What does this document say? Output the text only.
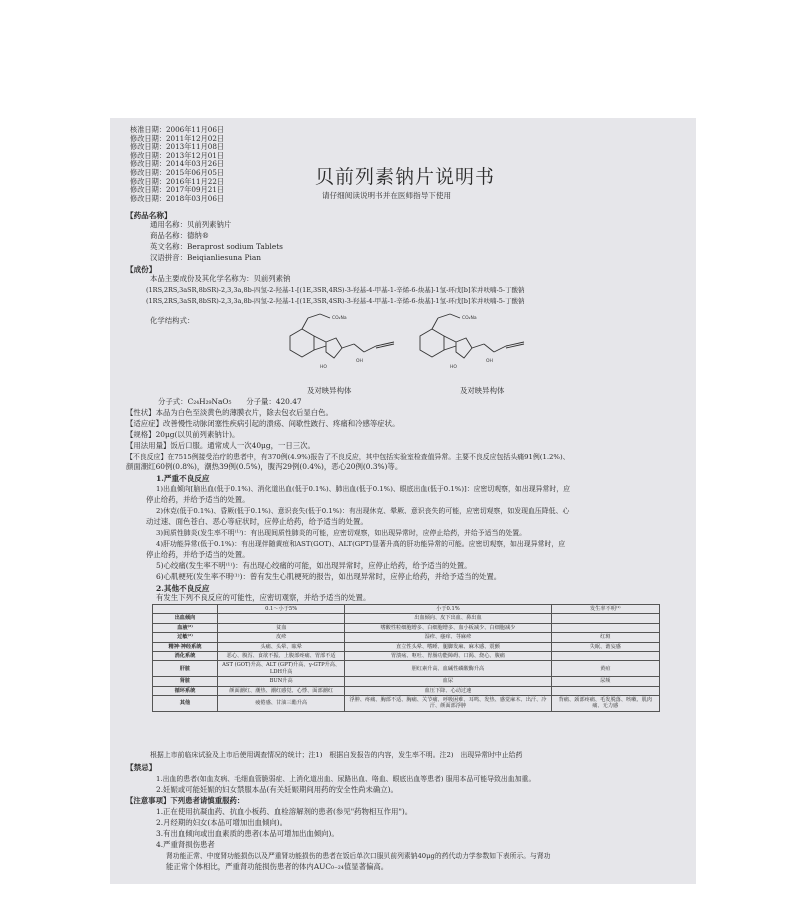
核准日期：2006年11月06日
修改日期：2011年12月02日
修改日期：2013年11月08日
修改日期：2013年12月01日
修改日期：2014年03月26日
修改日期：2015年06月05日
修改日期：2016年11月22日
修改日期：2017年09月21日
修改日期：2018年03月06日
贝前列素钠片说明书
请仔细阅读说明书并在医师指导下使用
【药品名称】
通用名称：贝前列素钠片
商品名称：德纳®
英文名称：Beraprost sodium Tablets
汉语拼音：Beiqianliesuna Pian
【成份】
本品主要成份及其化学名称为：贝前列素钠
(1RS,2RS,3aSR,8bSR)-2,3,3a,8b-四氢-2-羟基-1-[(1E,3SR,4RS)-3-羟基-4-甲基-1-辛烯-6-炔基]-1氢-环戊[b]苯并呋喃-5-丁酸钠
(1RS,2RS,3aSR,8bSR)-2,3,3a,8b-四氢-2-羟基-1-[(1E,3SR,4SR)-3-羟基-4-甲基-1-辛烯-6-炔基]-1氢-环戊[b]苯并呋喃-5-丁酸钠
化学结构式：	CO₂Na
HO
OH
及对映异构体
CO₂Na
HO
OH
及对映异构体
分子式：C₂₄H₂₉NaO₅　　分子量：420.47
【性状】本品为白色至淡黄色的薄膜衣片，除去包衣后显白色。
【适应症】改善慢性动脉闭塞性疾病引起的溃疡、间歇性跛行、疼痛和冷感等症状。
【规格】20μg(以贝前列素钠计)。
【用法用量】饭后口服。通常成人一次40μg，一日三次。
【不良反应】在7515例接受治疗的患者中，有370例(4.9%)报告了不良反应，其中包括实验室检查值异常。主要不良反应包括头痛91例(1.2%)、
颜面潮红60例(0.8%)，潮热39例(0.5%)，腹泻29例(0.4%)，恶心20例(0.3%)等。
1.严重不良反应
1)出血倾向[脑出血(低于0.1%)、消化道出血(低于0.1%)、肺出血(低于0.1%)、眼底出血(低于0.1%)]：应密切观察，如出现异常时，应
停止给药，并给予适当的处置。
2)休克(低于0.1%)、昏厥(低于0.1%)、意识丧失(低于0.1%)：有出现休克、晕厥、意识丧失的可能，应密切观察，如发现血压降低、心
动过速、面色苍白、恶心等症状时，应停止给药，给予适当的处置。
3)间质性肺炎(发生率不明⁽¹⁾)：有出现间质性肺炎的可能，应密切观察，如出现异常时，应停止给药，并给予适当的处置。
4)肝功能异常(低于0.1%)：有出现伴随黄疸和AST(GOT)、ALT(GPT)显著升高的肝功能异常的可能。应密切观察，如出现异常时，应
停止给药，并给予适当的处置。
5)心绞痛(发生率不明⁽¹⁾)：有出现心绞痛的可能，如出现异常时，应停止给药，给予适当的处置。
6)心肌梗死(发生率不明⁽¹⁾)：曾有发生心肌梗死的报告，如出现异常时，应停止给药，并给予适当的处置。
2.其他不良反应
有发生下列不良反应的可能性，应密切观察，并给予适当的处置。
	0.1～小于5%	小于0.1%	发生率不明⁽¹⁾
出血倾向		出血倾向、皮下出血、鼻出血	
血液⁽²⁾	贫血	嗜酸性粒细胞增多、白细胞增多、血小板减少、白细胞减少	
过敏⁽²⁾	皮疹	湿疹、瘙痒、荨麻疹	红斑
精神·神经系统	头痛、头晕、眩晕	直立性头晕、嗜睡、腿脚发麻、麻木感、震颤	失眠、谵妄感
消化系统	恶心、腹泻、食欲不振、上腹部疼痛、胃部不适	胃溃疡、呕吐、胃肠功能障碍、口渴、烧心、腹痛	
肝脏	AST (GOT)升高、ALT (GPT)升高、γ-GTP升高、LDH升高	胆红素升高、血碱性磷酸酶升高	黄疸
肾脏	BUN升高	血尿	尿频
循环系统	颜面潮红、潮热、潮红感觉、心悸、面部潮红	血压下降、心动过速	
其他	疲倦感、甘油三酯升高	浮肿、疼痛、胸部不适、胸痛、关节痛、呼吸困难、耳鸣、发热、感觉麻木、出汗、冷汗、颜面部浮肿	背痛、颈部疼痛、毛发脱落、咳嗽、肌肉痛、无力感
根据上市前临床试验及上市后使用调查情况的统计；注1)　根据自发报告的内容，发生率不明。注2)　出现异常时中止给药
【禁忌】
1.出血的患者(如血友病、毛细血管脆弱症、上消化道出血、尿路出血、咯血、眼底出血等患者) 服用本品可能导致出血加重。
2.妊娠或可能妊娠的妇女禁服本品(有关妊娠期间用药的安全性尚未确立)。
【注意事项】下列患者请慎重服药：
1.正在使用抗凝血药、抗血小板药、血栓溶解剂的患者(参见"药物相互作用")。
2.月经期的妇女(本品可增加出血倾向)。
3.有出血倾向或出血素质的患者(本品可增加出血倾向)。
4.严重肾损伤患者
肾功能正常、中度肾功能损伤以及严重肾功能损伤的患者在饭后单次口服贝前列素钠40μg的药代动力学参数如下表所示。与肾功
能正常个体相比，严重肾功能损伤患者的体内AUC₀₋₂₄值显著偏高。
